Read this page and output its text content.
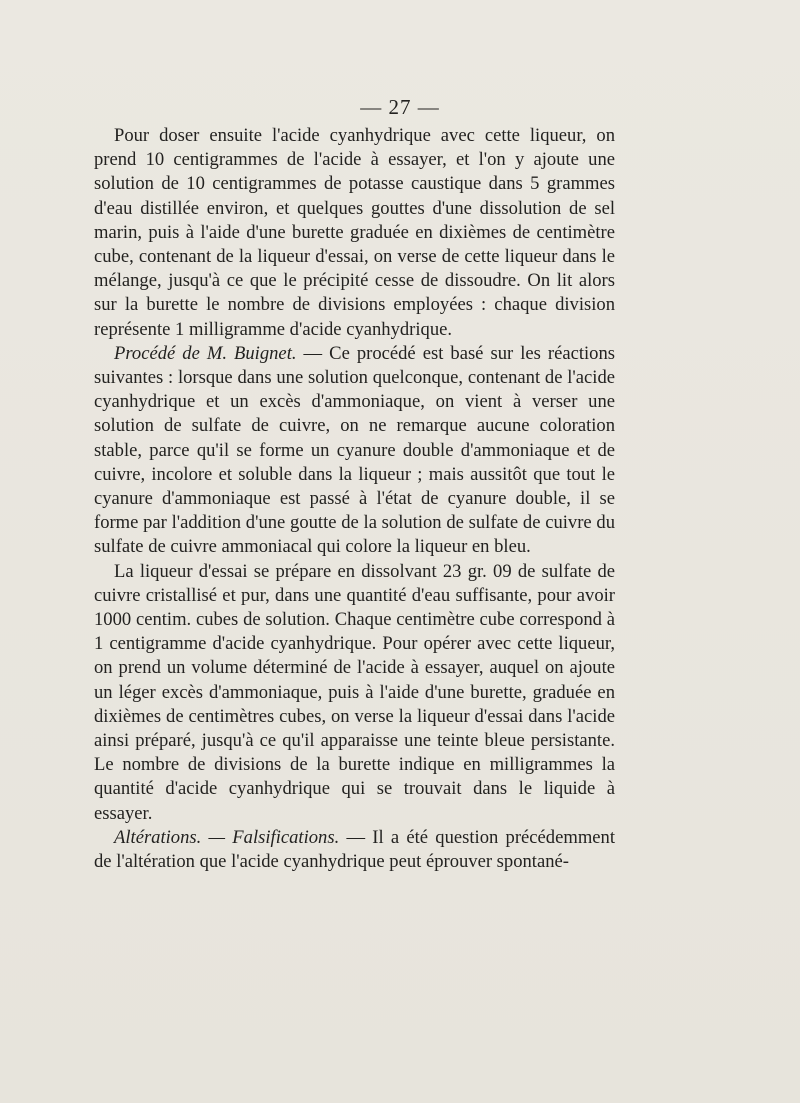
— 27 —

Pour doser ensuite l'acide cyanhydrique avec cette liqueur, on prend 10 centigrammes de l'acide à essayer, et l'on y ajoute une solution de 10 centigrammes de potasse caustique dans 5 grammes d'eau distillée environ, et quelques gouttes d'une dissolution de sel marin, puis à l'aide d'une burette graduée en dixièmes de centimètre cube, contenant de la liqueur d'essai, on verse de cette liqueur dans le mélange, jusqu'à ce que le précipité cesse de dissoudre. On lit alors sur la burette le nombre de divisions employées : chaque division représente 1 milligramme d'acide cyanhydrique.

Procédé de M. Buignet. — Ce procédé est basé sur les réactions suivantes : lorsque dans une solution quelconque, contenant de l'acide cyanhydrique et un excès d'ammoniaque, on vient à verser une solution de sulfate de cuivre, on ne remarque aucune coloration stable, parce qu'il se forme un cyanure double d'ammoniaque et de cuivre, incolore et soluble dans la liqueur ; mais aussitôt que tout le cyanure d'ammoniaque est passé à l'état de cyanure double, il se forme par l'addition d'une goutte de la solution de sulfate de cuivre du sulfate de cuivre ammoniacal qui colore la liqueur en bleu.

La liqueur d'essai se prépare en dissolvant 23 gr. 09 de sulfate de cuivre cristallisé et pur, dans une quantité d'eau suffisante, pour avoir 1000 centim. cubes de solution. Chaque centimètre cube correspond à 1 centigramme d'acide cyanhydrique. Pour opérer avec cette liqueur, on prend un volume déterminé de l'acide à essayer, auquel on ajoute un léger excès d'ammoniaque, puis à l'aide d'une burette, graduée en dixièmes de centimètres cubes, on verse la liqueur d'essai dans l'acide ainsi préparé, jusqu'à ce qu'il apparaisse une teinte bleue persistante. Le nombre de divisions de la burette indique en milligrammes la quantité d'acide cyanhydrique qui se trouvait dans le liquide à essayer.

Altérations. — Falsifications. — Il a été question précédemment de l'altération que l'acide cyanhydrique peut éprouver spontané-
